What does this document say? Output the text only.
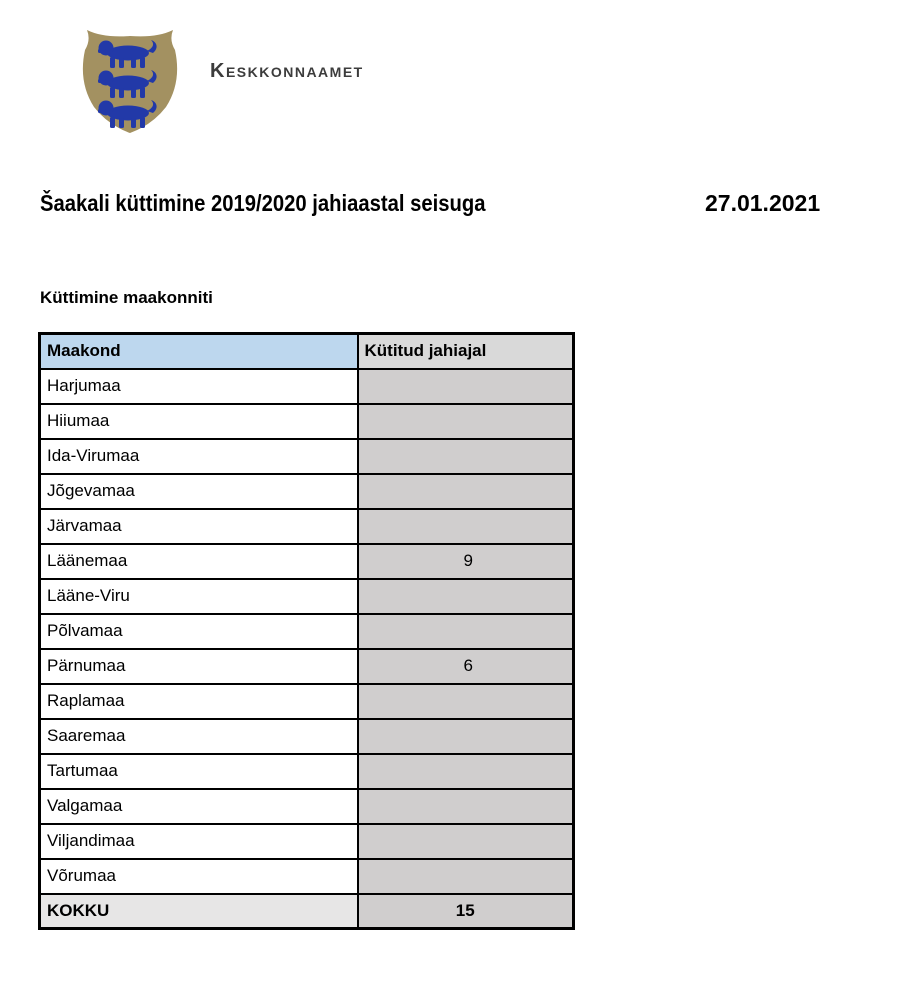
Keskkonnaamet
Šaakali küttimine 2019/2020 jahiaastal seisuga	27.01.2021
Küttimine maakonniti
Maakond	Kütitud jahiajal
Harjumaa	
Hiiumaa	
Ida-Virumaa	
Jõgevamaa	
Järvamaa	
Läänemaa	9
Lääne-Viru	
Põlvamaa	
Pärnumaa	6
Raplamaa	
Saaremaa	
Tartumaa	
Valgamaa	
Viljandimaa	
Võrumaa	
KOKKU	15
